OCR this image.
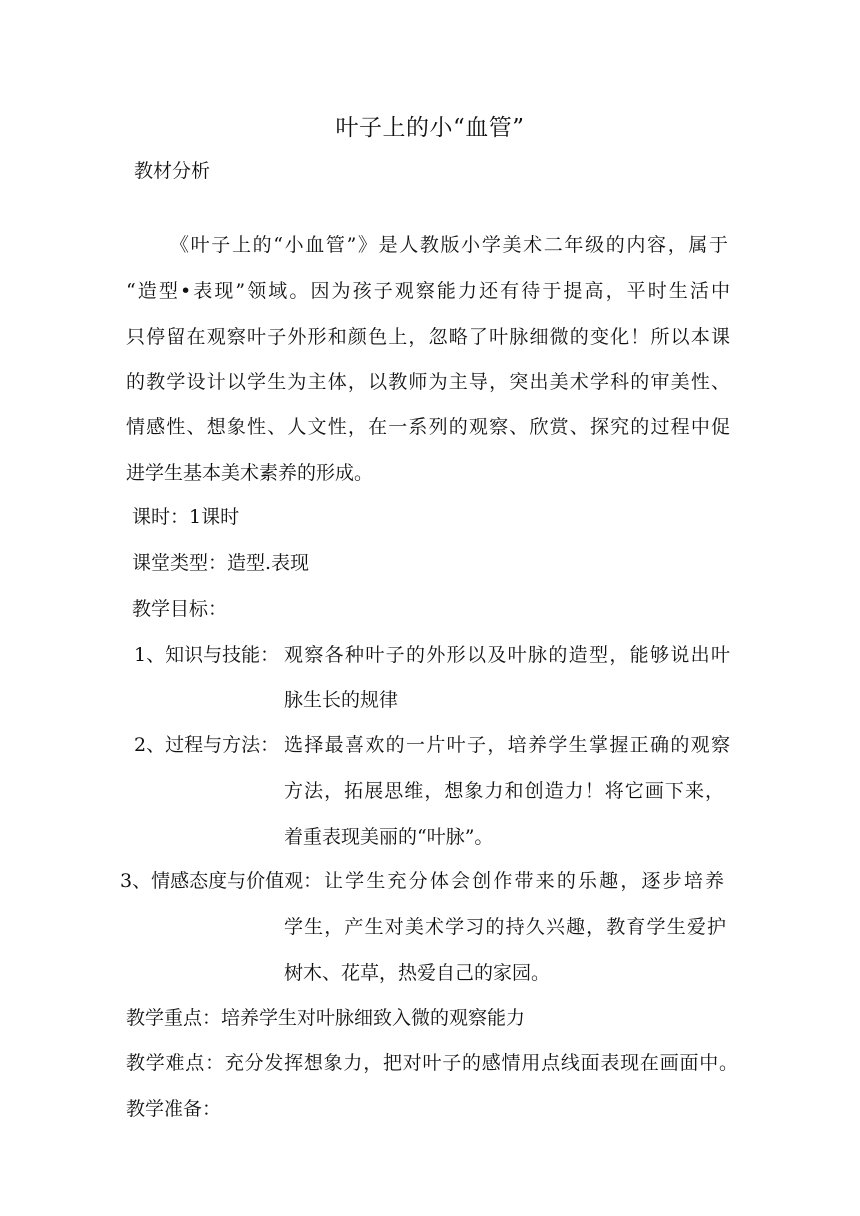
叶子上的小“血管”
教材分析
《叶子上的“小血管”》是人教版小学美术二年级的内容，属于
“造型•表现”领域。因为孩子观察能力还有待于提高，平时生活中
只停留在观察叶子外形和颜色上，忽略了叶脉细微的变化！所以本课
的教学设计以学生为主体，以教师为主导，突出美术学科的审美性、
情感性、想象性、人文性，在一系列的观察、欣赏、探究的过程中促
进学生基本美术素养的形成。
课时：1课时
课堂类型：造型.表现
教学目标：
1、知识与技能： 观察各种叶子的外形以及叶脉的造型，能够说出叶
脉生长的规律
2、过程与方法： 选择最喜欢的一片叶子，培养学生掌握正确的观察
方法，拓展思维，想象力和创造力！将它画下来，
着重表现美丽的“叶脉”。
3、情感态度与价值观： 让学生充分体会创作带来的乐趣，逐步培养
学生，产生对美术学习的持久兴趣，教育学生爱护
树木、花草，热爱自己的家园。
教学重点：培养学生对叶脉细致入微的观察能力
教学难点：充分发挥想象力，把对叶子的感情用点线面表现在画面中。
教学准备：
